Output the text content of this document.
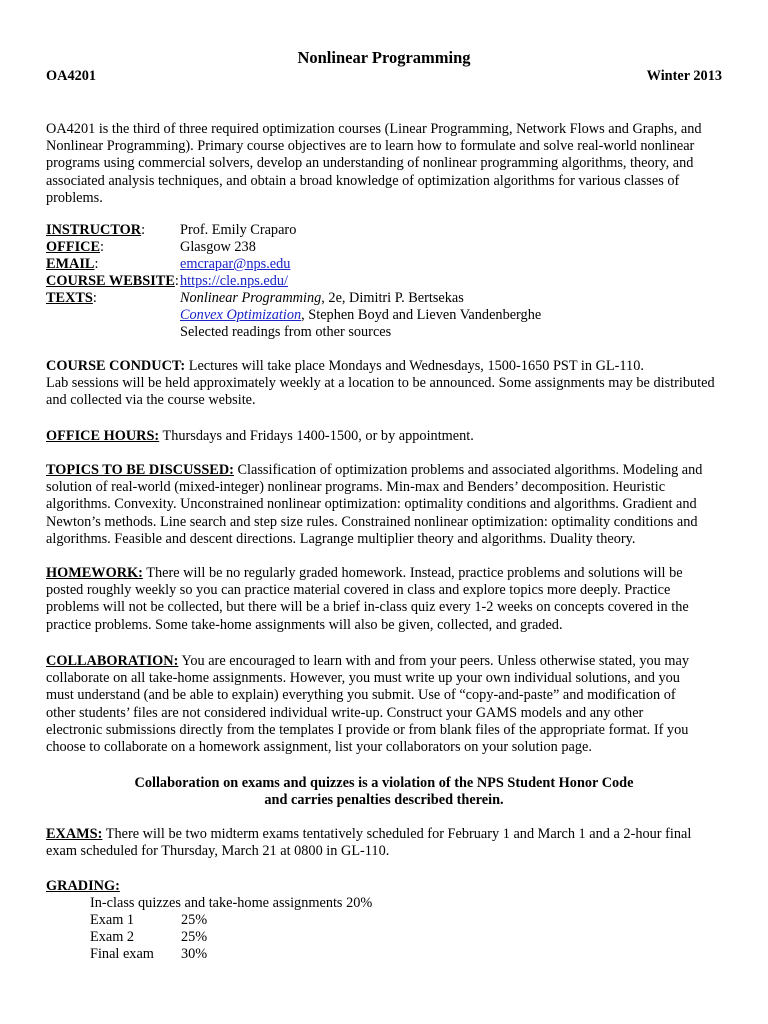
Nonlinear Programming
OA4201	Winter 2013
OA4201 is the third of three required optimization courses (Linear Programming, Network Flows and Graphs, and
Nonlinear Programming). Primary course objectives are to learn how to formulate and solve real-world nonlinear
programs using commercial solvers, develop an understanding of nonlinear programming algorithms, theory, and
associated analysis techniques, and obtain a broad knowledge of optimization algorithms for various classes of
problems.
INSTRUCTOR: Prof. Emily Craparo
OFFICE:	Glasgow 238
EMAIL:	emcrapar@nps.edu
COURSE WEBSITE: https://cle.nps.edu/
TEXTS:	Nonlinear Programming, 2e, Dimitri P. Bertsekas
Convex Optimization, Stephen Boyd and Lieven Vandenberghe
Selected readings from other sources
COURSE CONDUCT: Lectures will take place Mondays and Wednesdays, 1500-1650 PST in GL-110.
Lab sessions will be held approximately weekly at a location to be announced. Some assignments may be distributed
and collected via the course website.
OFFICE HOURS: Thursdays and Fridays 1400-1500, or by appointment.
TOPICS TO BE DISCUSSED: Classification of optimization problems and associated algorithms. Modeling and
solution of real-world (mixed-integer) nonlinear programs. Min-max and Benders’ decomposition. Heuristic
algorithms. Convexity. Unconstrained nonlinear optimization: optimality conditions and algorithms. Gradient and
Newton’s methods. Line search and step size rules. Constrained nonlinear optimization: optimality conditions and
algorithms. Feasible and descent directions. Lagrange multiplier theory and algorithms. Duality theory.
HOMEWORK: There will be no regularly graded homework. Instead, practice problems and solutions will be
posted roughly weekly so you can practice material covered in class and explore topics more deeply. Practice
problems will not be collected, but there will be a brief in-class quiz every 1-2 weeks on concepts covered in the
practice problems. Some take-home assignments will also be given, collected, and graded.
COLLABORATION: You are encouraged to learn with and from your peers. Unless otherwise stated, you may
collaborate on all take-home assignments. However, you must write up your own individual solutions, and you
must understand (and be able to explain) everything you submit. Use of “copy-and-paste” and modification of
other students’ files are not considered individual write-up. Construct your GAMS models and any other
electronic submissions directly from the templates I provide or from blank files of the appropriate format. If you
choose to collaborate on a homework assignment, list your collaborators on your solution page.
Collaboration on exams and quizzes is a violation of the NPS Student Honor Code
and carries penalties described therein.
EXAMS: There will be two midterm exams tentatively scheduled for February 1 and March 1 and a 2-hour final
exam scheduled for Thursday, March 21 at 0800 in GL-110.
GRADING:
In-class quizzes and take-home assignments 20%
Exam 1	25%
Exam 2	25%
Final exam 30%
